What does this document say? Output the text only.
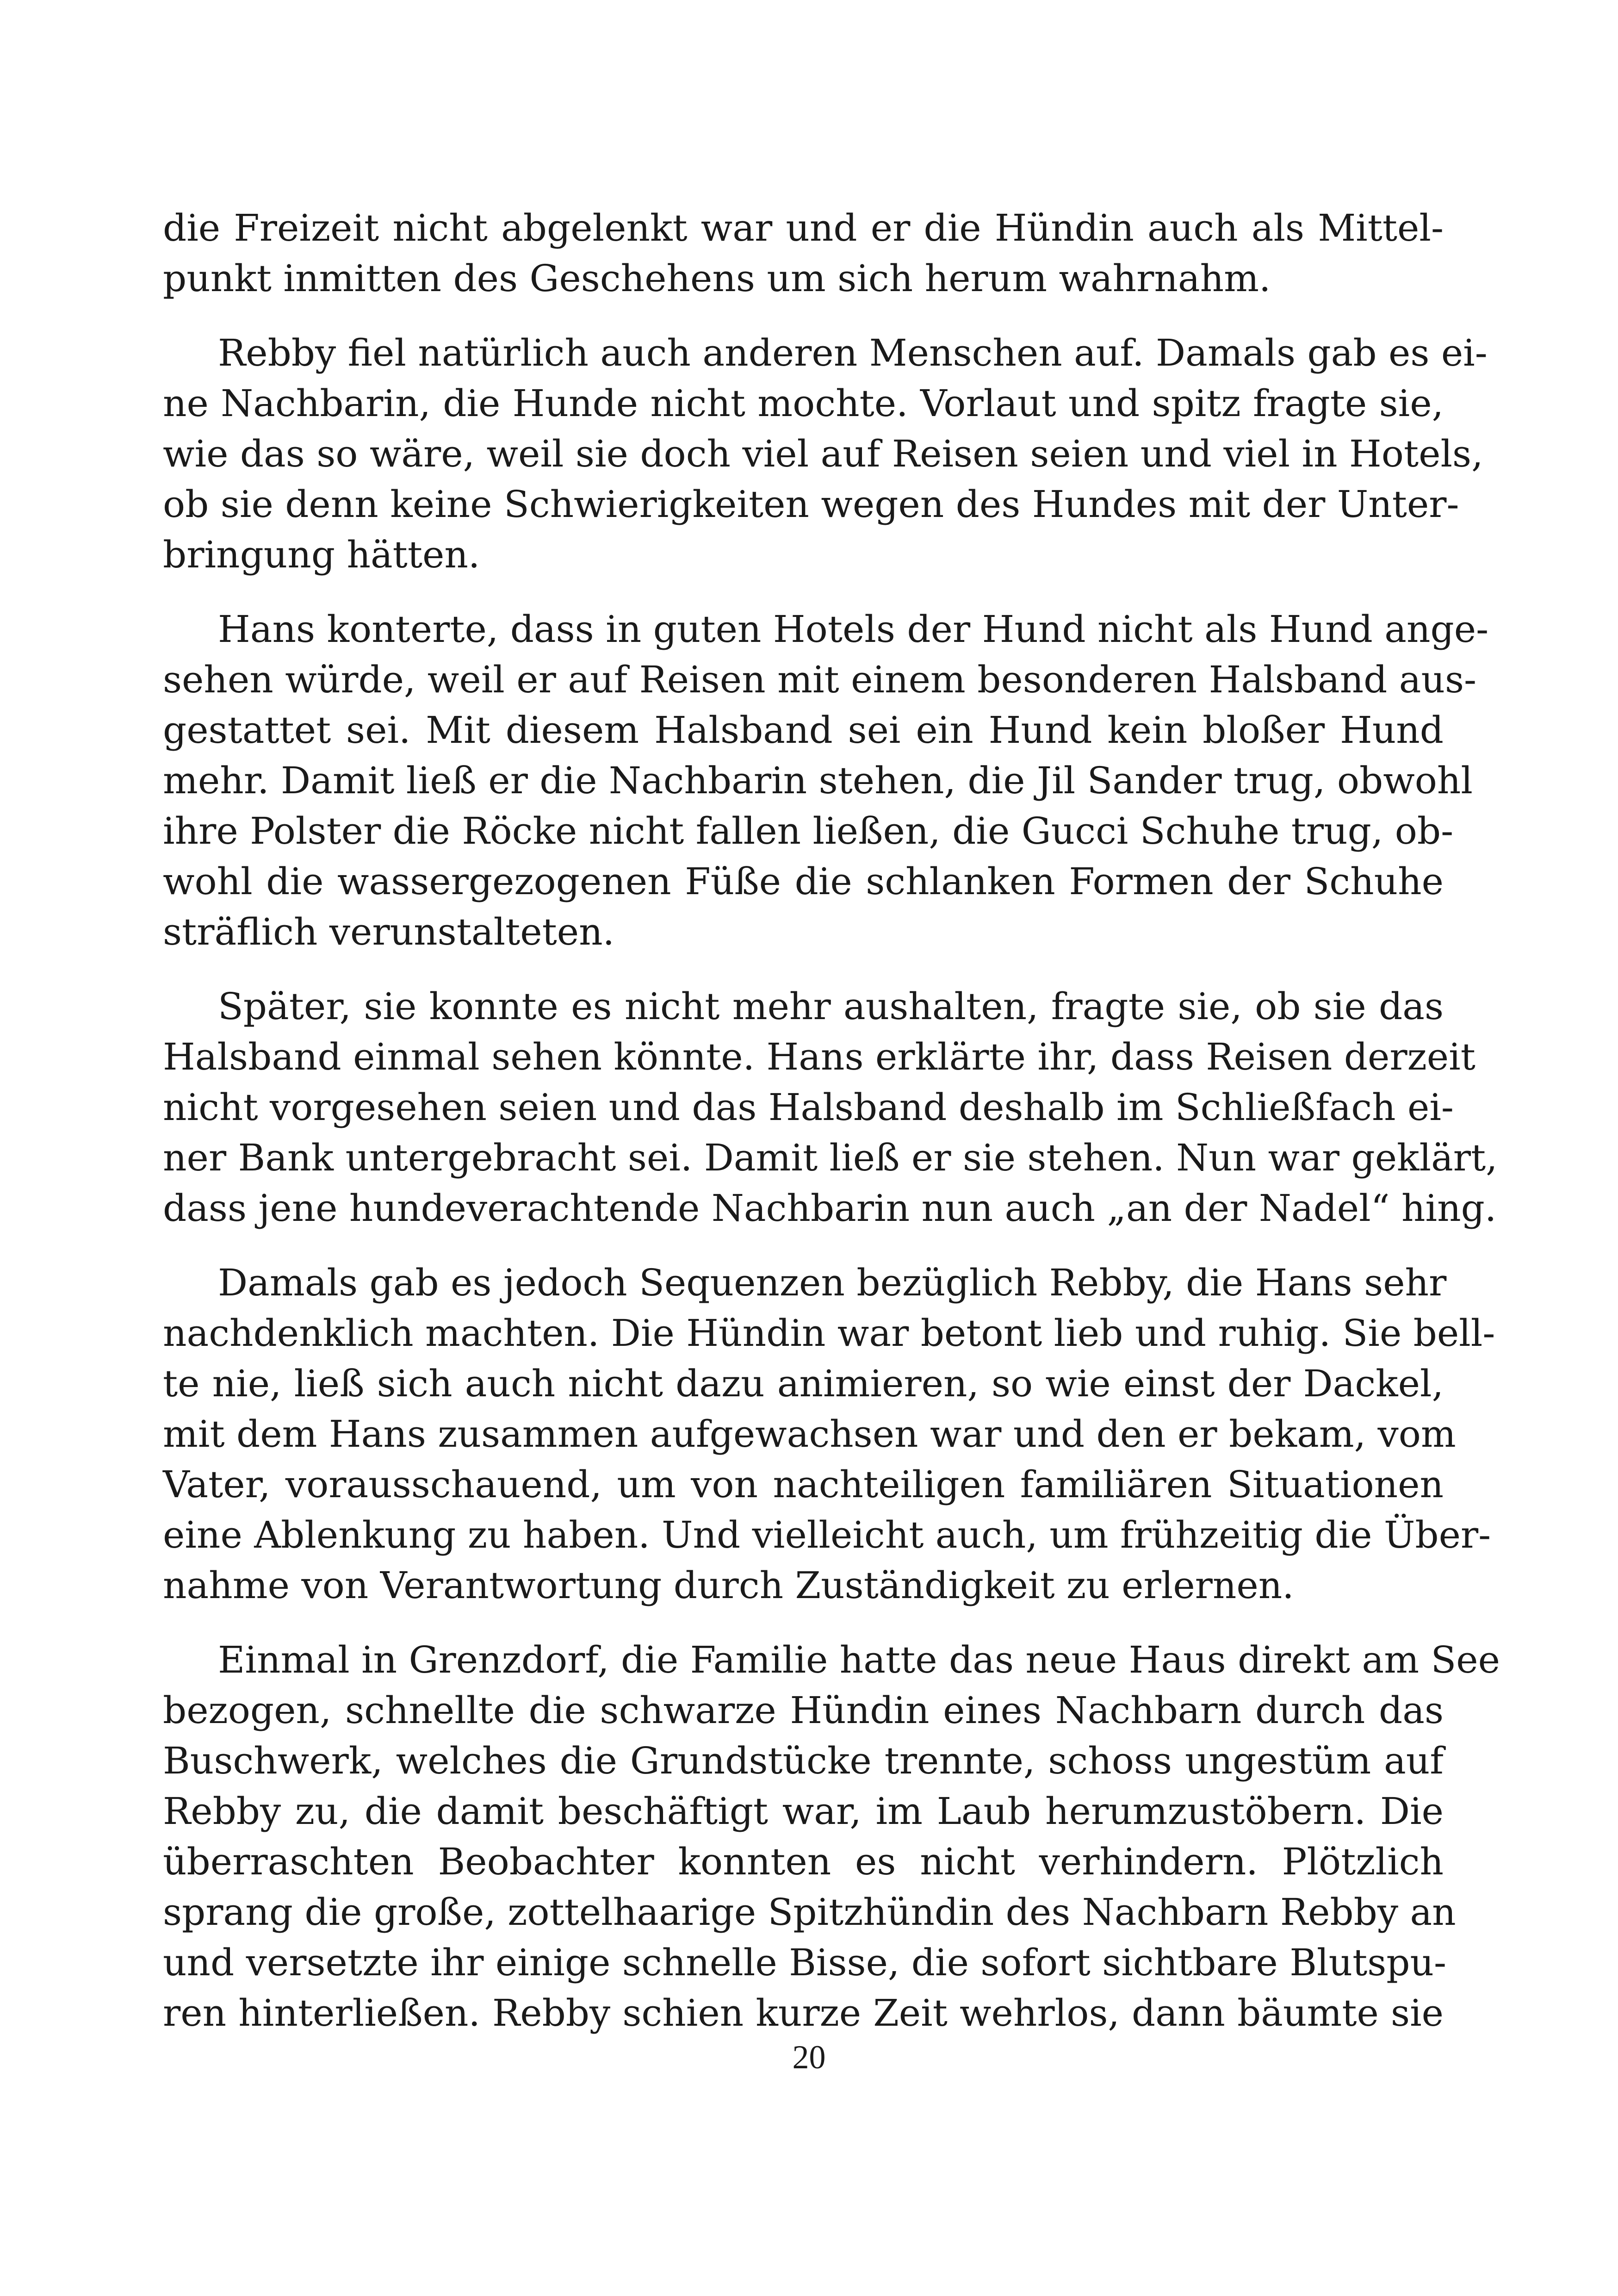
die Freizeit nicht abgelenkt war und er die Hündin auch als Mittel-
punkt inmitten des Geschehens um sich herum wahrnahm.
Rebby fiel natürlich auch anderen Menschen auf. Damals gab es ei-
ne Nachbarin, die Hunde nicht mochte. Vorlaut und spitz fragte sie,
wie das so wäre, weil sie doch viel auf Reisen seien und viel in Hotels,
ob sie denn keine Schwierigkeiten wegen des Hundes mit der Unter-
bringung hätten.
Hans konterte, dass in guten Hotels der Hund nicht als Hund ange-
sehen würde, weil er auf Reisen mit einem besonderen Halsband aus-
gestattet sei. Mit diesem Halsband sei ein Hund kein bloßer Hund
mehr. Damit ließ er die Nachbarin stehen, die Jil Sander trug, obwohl
ihre Polster die Röcke nicht fallen ließen, die Gucci Schuhe trug, ob-
wohl die wassergezogenen Füße die schlanken Formen der Schuhe
sträflich verunstalteten.
Später, sie konnte es nicht mehr aushalten, fragte sie, ob sie das
Halsband einmal sehen könnte. Hans erklärte ihr, dass Reisen derzeit
nicht vorgesehen seien und das Halsband deshalb im Schließfach ei-
ner Bank untergebracht sei. Damit ließ er sie stehen. Nun war geklärt,
dass jene hundeverachtende Nachbarin nun auch „an der Nadel“ hing.
Damals gab es jedoch Sequenzen bezüglich Rebby, die Hans sehr
nachdenklich machten. Die Hündin war betont lieb und ruhig. Sie bell-
te nie, ließ sich auch nicht dazu animieren, so wie einst der Dackel,
mit dem Hans zusammen aufgewachsen war und den er bekam, vom
Vater, vorausschauend, um von nachteiligen familiären Situationen
eine Ablenkung zu haben. Und vielleicht auch, um frühzeitig die Über-
nahme von Verantwortung durch Zuständigkeit zu erlernen.
Einmal in Grenzdorf, die Familie hatte das neue Haus direkt am See
bezogen, schnellte die schwarze Hündin eines Nachbarn durch das
Buschwerk, welches die Grundstücke trennte, schoss ungestüm auf
Rebby zu, die damit beschäftigt war, im Laub herumzustöbern. Die
überraschten Beobachter konnten es nicht verhindern. Plötzlich
sprang die große, zottelhaarige Spitzhündin des Nachbarn Rebby an
und versetzte ihr einige schnelle Bisse, die sofort sichtbare Blutspu-
ren hinterließen. Rebby schien kurze Zeit wehrlos, dann bäumte sie
20
